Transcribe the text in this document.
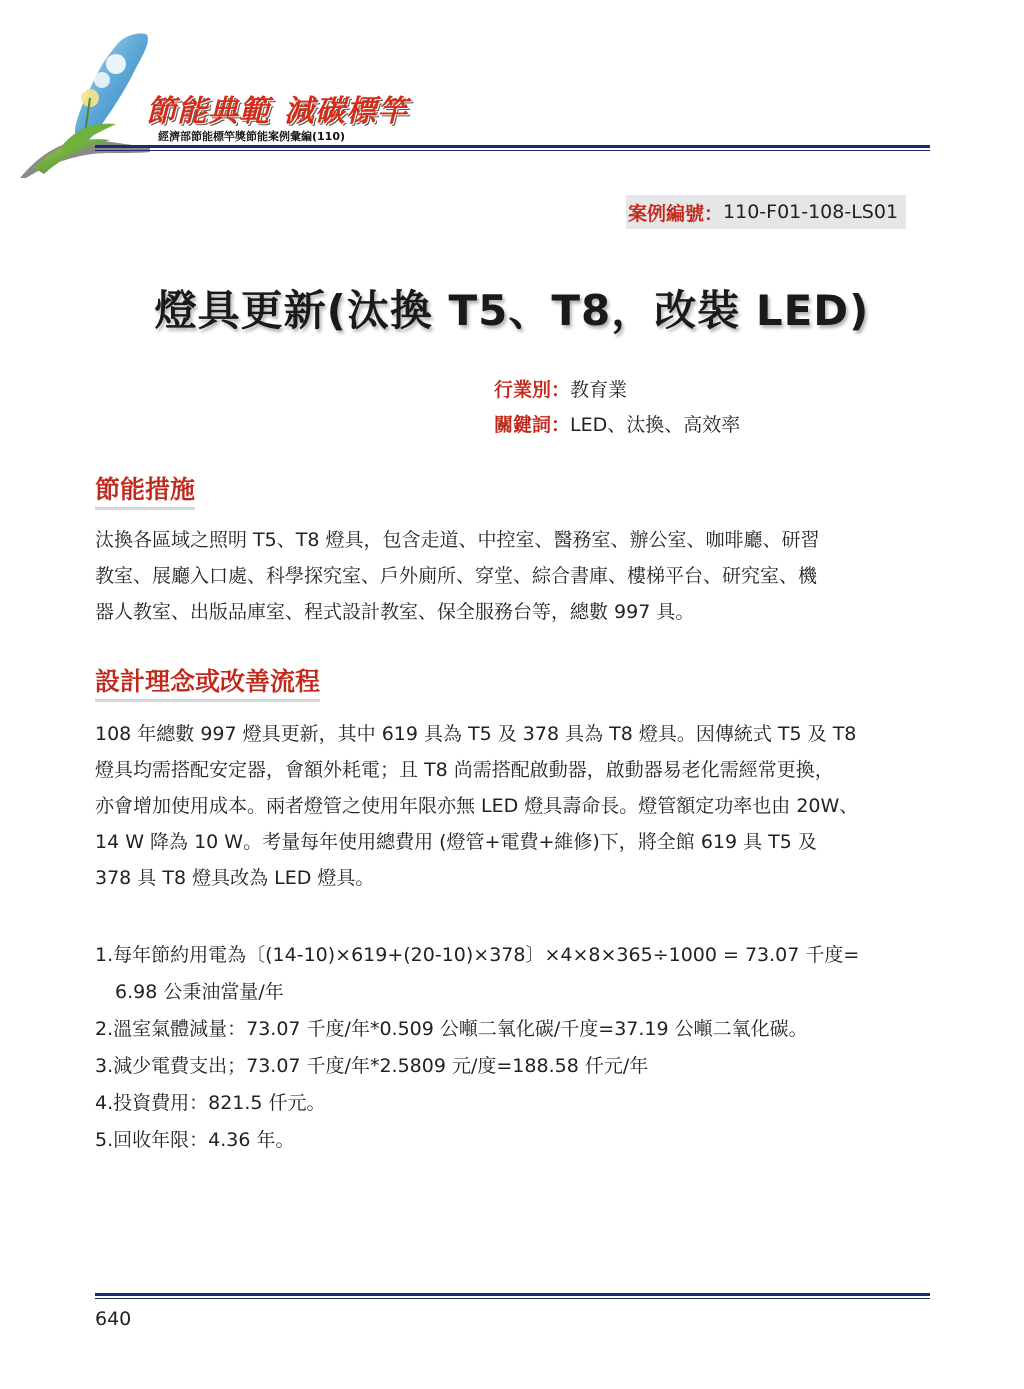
節能典範 減碳標竿
經濟部節能標竿獎節能案例彙編(110)
案例編號： 110-F01-108-LS01
燈具更新(汰換 T5、T8，改裝 LED)
行業別：教育業
關鍵詞：LED、汰換、高效率
節能措施
汰換各區域之照明 T5、T8 燈具，包含走道、中控室、醫務室、辦公室、咖啡廳、研習
教室、展廳入口處、科學探究室、戶外廁所、穿堂、綜合書庫、樓梯平台、研究室、機
器人教室、出版品庫室、程式設計教室、保全服務台等，總數 997 具。
設計理念或改善流程
108 年總數 997 燈具更新，其中 619 具為 T5 及 378 具為 T8 燈具。因傳統式 T5 及 T8
燈具均需搭配安定器，會額外耗電；且 T8 尚需搭配啟動器，啟動器易老化需經常更換，
亦會增加使用成本。兩者燈管之使用年限亦無 LED 燈具壽命長。燈管額定功率也由 20W、
14 W 降為 10 W。考量每年使用總費用 (燈管+電費+維修)下，將全館 619 具 T5 及
378 具 T8 燈具改為 LED 燈具。
1.每年節約用電為〔(14-10)×619+(20-10)×378〕×4×8×365÷1000 = 73.07 千度=
6.98 公秉油當量/年
2.溫室氣體減量：73.07 千度/年*0.509 公噸二氧化碳/千度=37.19 公噸二氧化碳。
3.減少電費支出；73.07 千度/年*2.5809 元/度=188.58 仟元/年
4.投資費用：821.5 仟元。
5.回收年限：4.36 年。
640
